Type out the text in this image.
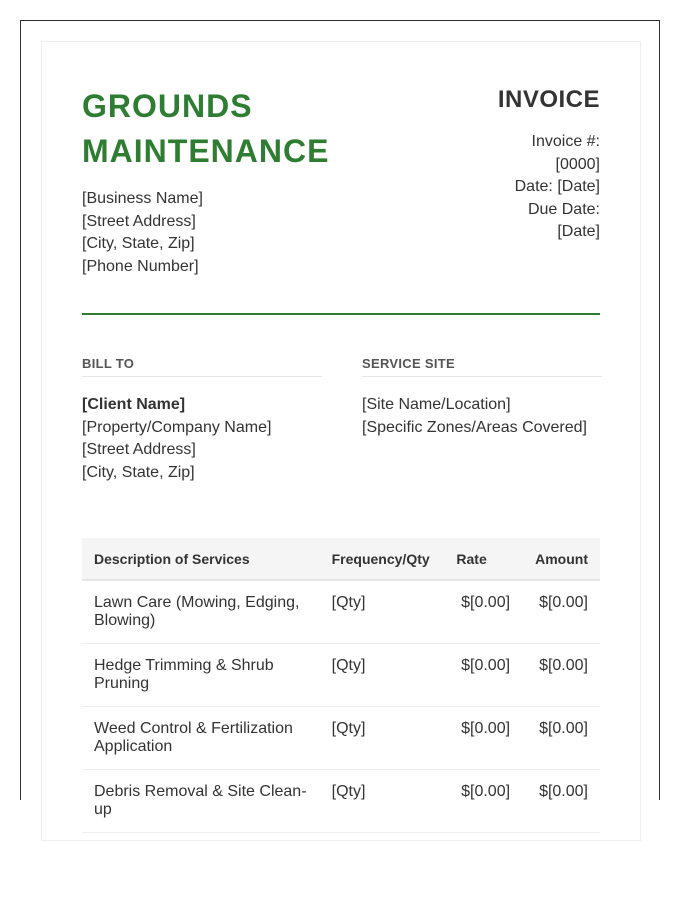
GROUNDS
MAINTENANCE
[Business Name]
[Street Address]
[City, State, Zip]
[Phone Number]
INVOICE
Invoice #:
[0000]
Date: [Date]
Due Date:
[Date]
BILL TO
[Client Name]
[Property/Company Name]
[Street Address]
[City, State, Zip]
SERVICE SITE
[Site Name/Location]
[Specific Zones/Areas Covered]
Description of Services	Frequency/Qty	Rate	Amount
Lawn Care (Mowing, Edging, Blowing)	[Qty]	$[0.00]	$[0.00]
Hedge Trimming & Shrub Pruning	[Qty]	$[0.00]	$[0.00]
Weed Control & Fertilization Application	[Qty]	$[0.00]	$[0.00]
Debris Removal & Site Clean-up	[Qty]	$[0.00]	$[0.00]
